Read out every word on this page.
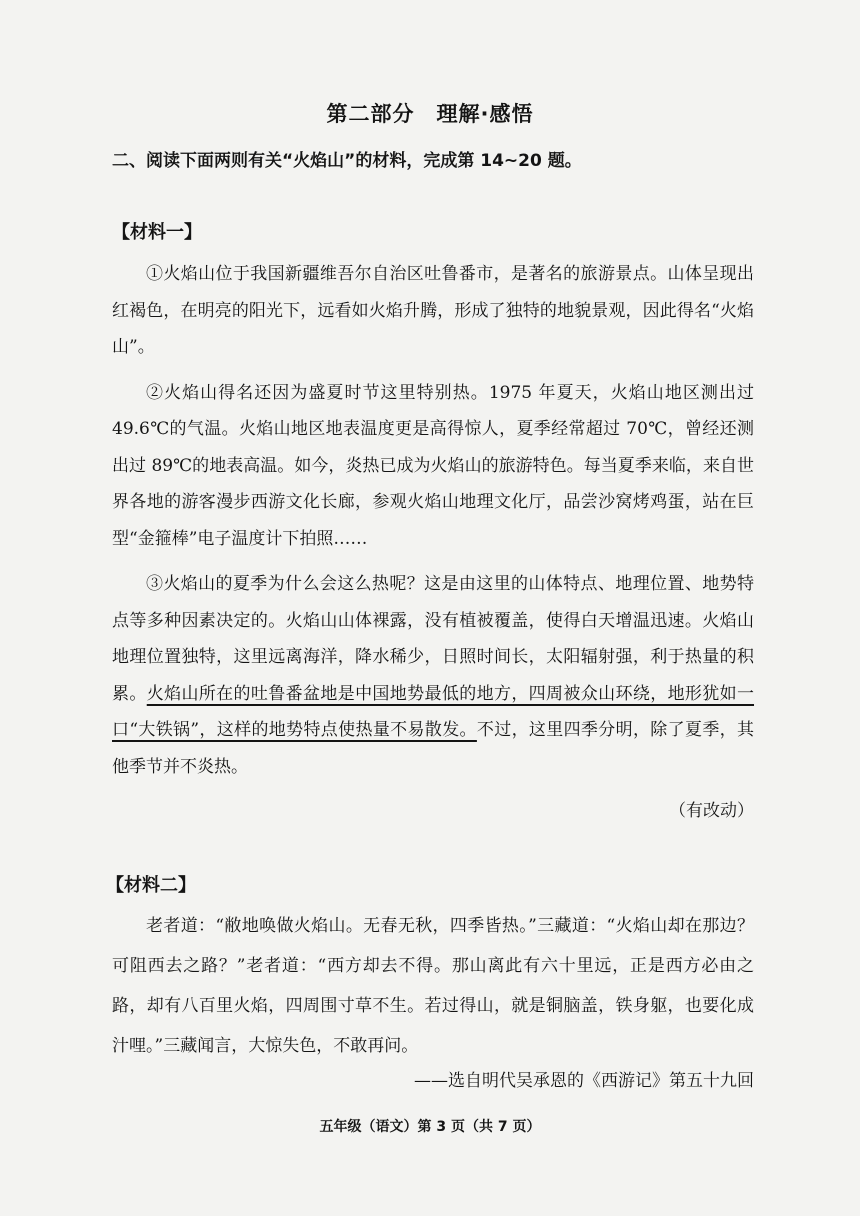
第二部分　理解·感悟
二、阅读下面两则有关“火焰山”的材料，完成第 14~20 题。
【材料一】

①火焰山位于我国新疆维吾尔自治区吐鲁番市，是著名的旅游景点。山体呈现出红褐色，在明亮的阳光下，远看如火焰升腾，形成了独特的地貌景观，因此得名“火焰山”。

②火焰山得名还因为盛夏时节这里特别热。1975 年夏天，火焰山地区测出过 49.6℃的气温。火焰山地区地表温度更是高得惊人，夏季经常超过 70℃，曾经还测出过 89℃的地表高温。如今，炎热已成为火焰山的旅游特色。每当夏季来临，来自世界各地的游客漫步西游文化长廊，参观火焰山地理文化厅，品尝沙窝烤鸡蛋，站在巨型“金箍棒”电子温度计下拍照……

③火焰山的夏季为什么会这么热呢？这是由这里的山体特点、地理位置、地势特点等多种因素决定的。火焰山山体裸露，没有植被覆盖，使得白天增温迅速。火焰山地理位置独特，这里远离海洋，降水稀少，日照时间长，太阳辐射强，利于热量的积累。火焰山所在的吐鲁番盆地是中国地势最低的地方，四周被众山环绕，地形犹如一口“大铁锅”，这样的地势特点使热量不易散发。不过，这里四季分明，除了夏季，其他季节并不炎热。

（有改动）
【材料二】

老者道：“敝地唤做火焰山。无春无秋，四季皆热。”三藏道：“火焰山却在那边？可阻西去之路？”老者道：“西方却去不得。那山离此有六十里远，正是西方必由之路，却有八百里火焰，四周围寸草不生。若过得山，就是铜脑盖，铁身躯，也要化成汁哩。”三藏闻言，大惊失色，不敢再问。

——选自明代吴承恩的《西游记》第五十九回
五年级（语文）第 3 页（共 7 页）
